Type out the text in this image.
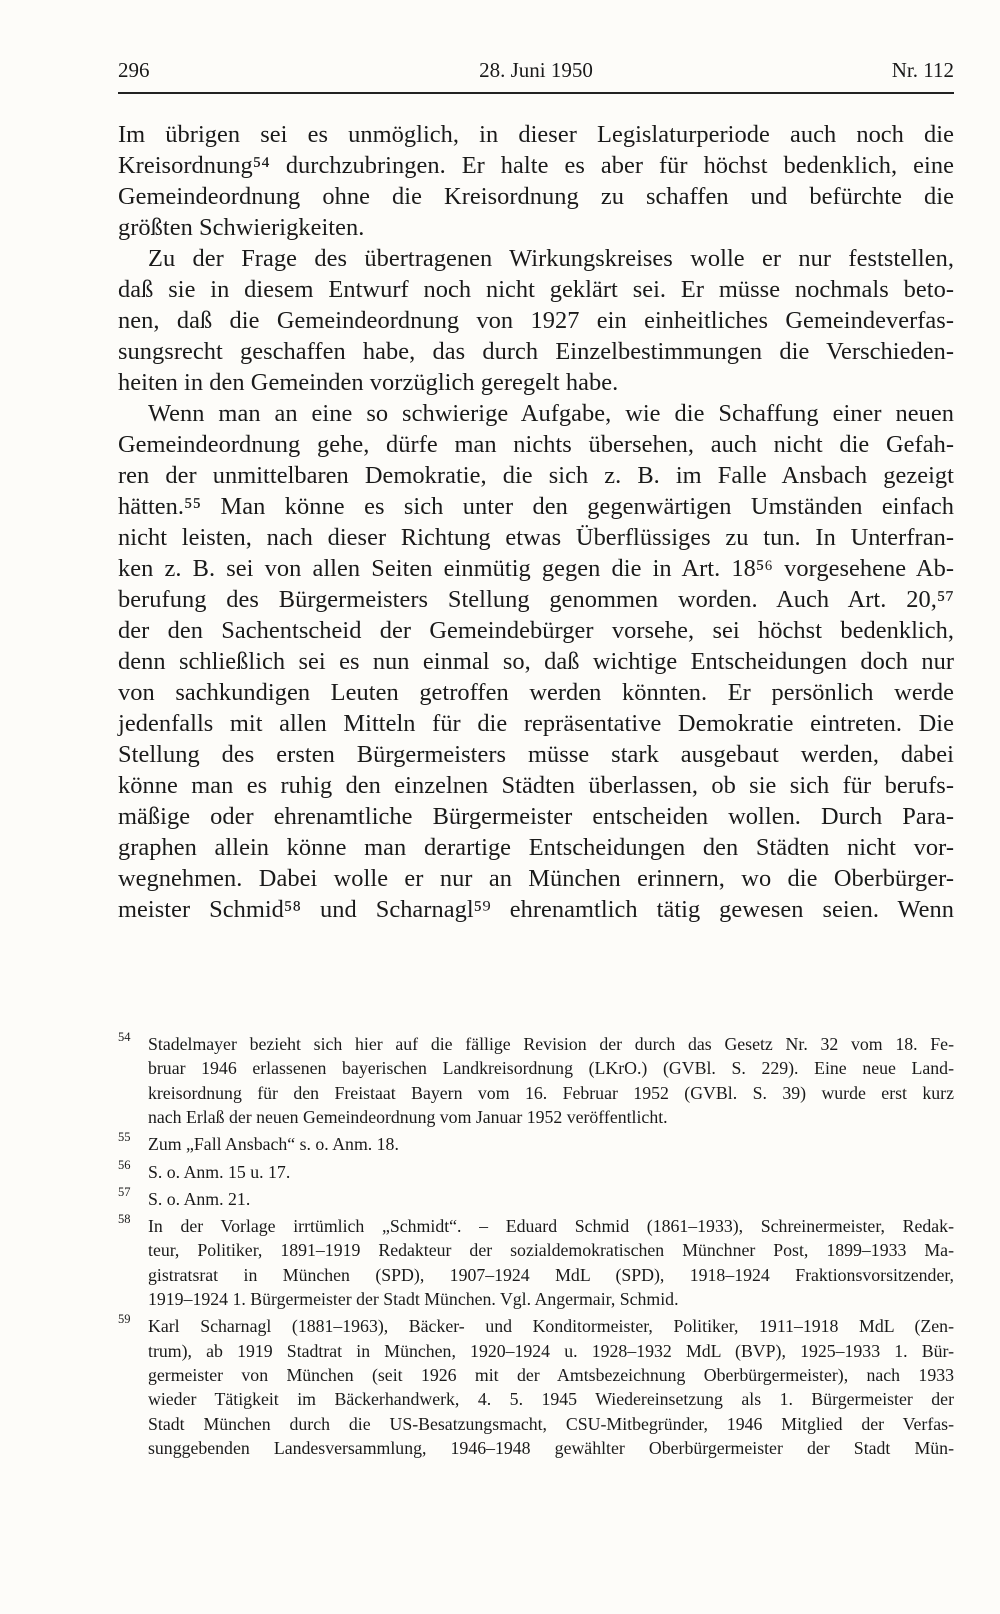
296	28. Juni 1950	Nr. 112
Im übrigen sei es unmöglich, in dieser Legislaturperiode auch noch die
Kreisordnung⁵⁴ durchzubringen. Er halte es aber für höchst bedenklich, eine
Gemeindeordnung ohne die Kreisordnung zu schaffen und befürchte die
größten Schwierigkeiten.
Zu der Frage des übertragenen Wirkungskreises wolle er nur feststellen,
daß sie in diesem Entwurf noch nicht geklärt sei. Er müsse nochmals beto-
nen, daß die Gemeindeordnung von 1927 ein einheitliches Gemeindeverfas-
sungsrecht geschaffen habe, das durch Einzelbestimmungen die Verschieden-
heiten in den Gemeinden vorzüglich geregelt habe.
Wenn man an eine so schwierige Aufgabe, wie die Schaffung einer neuen
Gemeindeordnung gehe, dürfe man nichts übersehen, auch nicht die Gefah-
ren der unmittelbaren Demokratie, die sich z. B. im Falle Ansbach gezeigt
hätten.⁵⁵ Man könne es sich unter den gegenwärtigen Umständen einfach
nicht leisten, nach dieser Richtung etwas Überflüssiges zu tun. In Unterfran-
ken z. B. sei von allen Seiten einmütig gegen die in Art. 18⁵⁶ vorgesehene Ab-
berufung des Bürgermeisters Stellung genommen worden. Auch Art. 20,⁵⁷
der den Sachentscheid der Gemeindebürger vorsehe, sei höchst bedenklich,
denn schließlich sei es nun einmal so, daß wichtige Entscheidungen doch nur
von sachkundigen Leuten getroffen werden könnten. Er persönlich werde
jedenfalls mit allen Mitteln für die repräsentative Demokratie eintreten. Die
Stellung des ersten Bürgermeisters müsse stark ausgebaut werden, dabei
könne man es ruhig den einzelnen Städten überlassen, ob sie sich für berufs-
mäßige oder ehrenamtliche Bürgermeister entscheiden wollen. Durch Para-
graphen allein könne man derartige Entscheidungen den Städten nicht vor-
wegnehmen. Dabei wolle er nur an München erinnern, wo die Oberbürger-
meister Schmid⁵⁸ und Scharnagl⁵⁹ ehrenamtlich tätig gewesen seien. Wenn
54 Stadelmayer bezieht sich hier auf die fällige Revision der durch das Gesetz Nr. 32 vom 18. Fe-
bruar 1946 erlassenen bayerischen Landkreisordnung (LKrO.) (GVBl. S. 229). Eine neue Land-
kreisordnung für den Freistaat Bayern vom 16. Februar 1952 (GVBl. S. 39) wurde erst kurz
nach Erlaß der neuen Gemeindeordnung vom Januar 1952 veröffentlicht.
55 Zum „Fall Ansbach“ s. o. Anm. 18.
56 S. o. Anm. 15 u. 17.
57 S. o. Anm. 21.
58 In der Vorlage irrtümlich „Schmidt“. – Eduard Schmid (1861–1933), Schreinermeister, Redak-
teur, Politiker, 1891–1919 Redakteur der sozialdemokratischen Münchner Post, 1899–1933 Ma-
gistratsrat in München (SPD), 1907–1924 MdL (SPD), 1918–1924 Fraktionsvorsitzender,
1919–1924 1. Bürgermeister der Stadt München. Vgl. Angermair, Schmid.
59 Karl Scharnagl (1881–1963), Bäcker- und Konditormeister, Politiker, 1911–1918 MdL (Zen-
trum), ab 1919 Stadtrat in München, 1920–1924 u. 1928–1932 MdL (BVP), 1925–1933 1. Bür-
germeister von München (seit 1926 mit der Amtsbezeichnung Oberbürgermeister), nach 1933
wieder Tätigkeit im Bäckerhandwerk, 4. 5. 1945 Wiedereinsetzung als 1. Bürgermeister der
Stadt München durch die US-Besatzungsmacht, CSU-Mitbegründer, 1946 Mitglied der Verfas-
sunggebenden Landesversammlung, 1946–1948 gewählter Oberbürgermeister der Stadt Mün-
